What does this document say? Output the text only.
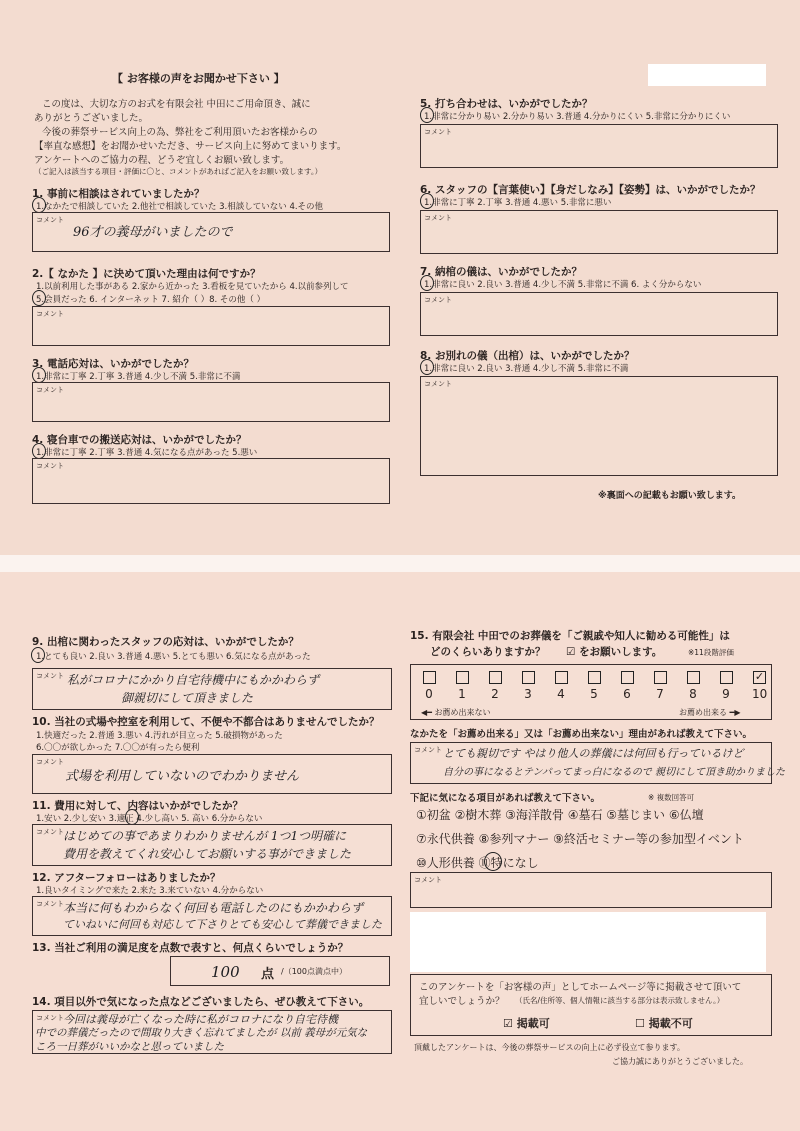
【 お客様の声をお聞かせ下さい 】
この度は、大切な方のお式を有限会社 中田にご用命頂き、誠に
ありがとうございました。
今後の葬祭サービス向上の為、弊社をご利用頂いたお客様からの
【率直な感想】をお聞かせいただき、サービス向上に努めてまいります。
アンケートへのご協力の程、どうぞ宜しくお願い致します。
（ご記入は該当する項目・評価に〇と、コメントがあればご記入をお願い致します。）
1. 事前に相談はされていましたか？
1.なかたで相談していた 2.他社で相談していた 3.相談していない 4.その他
コメント
96才の義母がいましたので
2.【 なかた 】に決めて頂いた理由は何ですか？
1.以前利用した事がある 2.家から近かった 3.看板を見ていたから 4.以前参列して
5.会員だった 6. インターネット 7. 紹介（ ）8. その他（ ）
コメント
3. 電話応対は、いかがでしたか？
1.非常に丁寧 2.丁寧 3.普通 4.少し不満 5.非常に不満
コメント
4. 寝台車での搬送応対は、いかがでしたか？
1.非常に丁寧 2.丁寧 3.普通 4.気になる点があった 5.悪い
コメント
5. 打ち合わせは、いかがでしたか？
1.非常に分かり易い 2.分かり易い 3.普通 4.分かりにくい 5.非常に分かりにくい
コメント
6. スタッフの【言葉使い】【身だしなみ】【姿勢】は、いかがでしたか？
1.非常に丁寧 2.丁寧 3.普通 4.悪い 5.非常に悪い
コメント
7. 納棺の儀は、いかがでしたか？
1.非常に良い 2.良い 3.普通 4.少し不満 5.非常に不満 6. よく分からない
コメント
8. お別れの儀（出棺）は、いかがでしたか？
1.非常に良い 2.良い 3.普通 4.少し不満 5.非常に不満
コメント
※裏面への記載もお願い致します。
9. 出棺に関わったスタッフの応対は、いかがでしたか？
1.とても良い 2.良い 3.普通 4.悪い 5.とても悪い 6.気になる点があった
コメント 私がコロナにかかり自宅待機中にもかかわらず
御親切にして頂きました
10. 当社の式場や控室を利用して、不便や不都合はありませんでしたか？
1.快適だった 2.普通 3.悪い 4.汚れが目立った 5.破損物があった
6.〇〇が欲しかった 7.〇〇が有ったら便利
コメント
式場を利用していないのでわかりません
11. 費用に対して、内容はいかがでしたか？
1.安い 2.少し安い 3.適正 4.少し高い 5. 高い 6.分からない
コメント はじめての事であまりわかりませんが 1つ1つ明確に
費用を教えてくれ安心してお願いする事ができました
12. アフターフォローはありましたか？
1.良いタイミングで来た 2.来た 3.来ていない 4.分からない
コメント 本当に何もわからなく何回も電話したのにもかかわらず
ていねいに何回も対応して下さりとても安心して葬儀できました
13. 当社ご利用の満足度を点数で表すと、何点くらいでしょうか？
100 点 /（100点満点中）
14. 項目以外で気になった点などございましたら、ぜひ教えて下さい。
コメント 今回は義母が亡くなった時に私がコロナになり自宅待機
中での葬儀だったので間取り大きく忘れてましたが 以前 義母が元気な
ころ一日葬がいいかなと思っていました
15. 有限会社 中田でのお葬儀を「ご親戚や知人に勧める可能性」は
どのくらいありますか？ ☑ をお願いします。	※11段階評価
0 1 2 3 4 5 6 7 8 9
✓
10
◀━ お薦め出来ない	お薦め出来る ━▶
なかたを「お薦め出来る」又は「お薦め出来ない」理由があれば教えて下さい。
コメント とても親切です やはり他人の葬儀には何回も行っているけど
自分の事になるとテンパってまっ白になるので 親切にして頂き助かりました
下記に気になる項目があれば教えて下さい。	※ 複数回答可
①初盆 ②樹木葬 ③海洋散骨 ④墓石 ⑤墓じまい ⑥仏壇
⑦永代供養 ⑧参列マナー ⑨終活セミナー等の参加型イベント
⑩人形供養 ⑪特になし
コメント
このアンケートを「お客様の声」としてホームページ等に掲載させて頂いて
宜しいでしょうか？ （氏名/住所等、個人情報に該当する部分は表示致しません。）
☑ 掲載可	☐ 掲載不可
頂戴したアンケートは、今後の葬祭サービスの向上に必ず役立て参ります。
ご協力誠にありがとうございました。
